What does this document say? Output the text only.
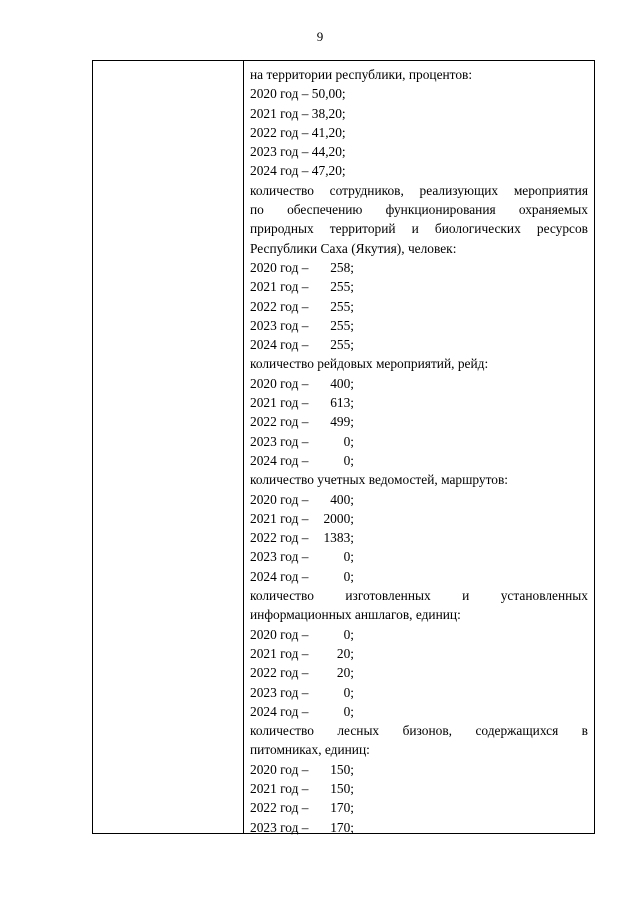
9
на территории республики, процентов:
2020 год – 50,00;
2021 год – 38,20;
2022 год – 41,20;
2023 год – 44,20;
2024 год – 47,20;
количество сотрудников, реализующих мероприятия
по обеспечению функционирования охраняемых
природных территорий и биологических ресурсов
Республики Саха (Якутия), человек:
2020 год – 258;
2021 год – 255;
2022 год – 255;
2023 год – 255;
2024 год – 255;
количество рейдовых мероприятий, рейд:
2020 год – 400;
2021 год – 613;
2022 год – 499;
2023 год –	0;
2024 год –	0;
количество учетных ведомостей, маршрутов:
2020 год – 400;
2021 год – 2000;
2022 год – 1383;
2023 год –	0;
2024 год –	0;
количество изготовленных и установленных
информационных аншлагов, единиц:
2020 год –	0;
2021 год – 20;
2022 год – 20;
2023 год –	0;
2024 год –	0;
количество лесных бизонов, содержащихся в
питомниках, единиц:
2020 год – 150;
2021 год – 150;
2022 год – 170;
2023 год – 170;
